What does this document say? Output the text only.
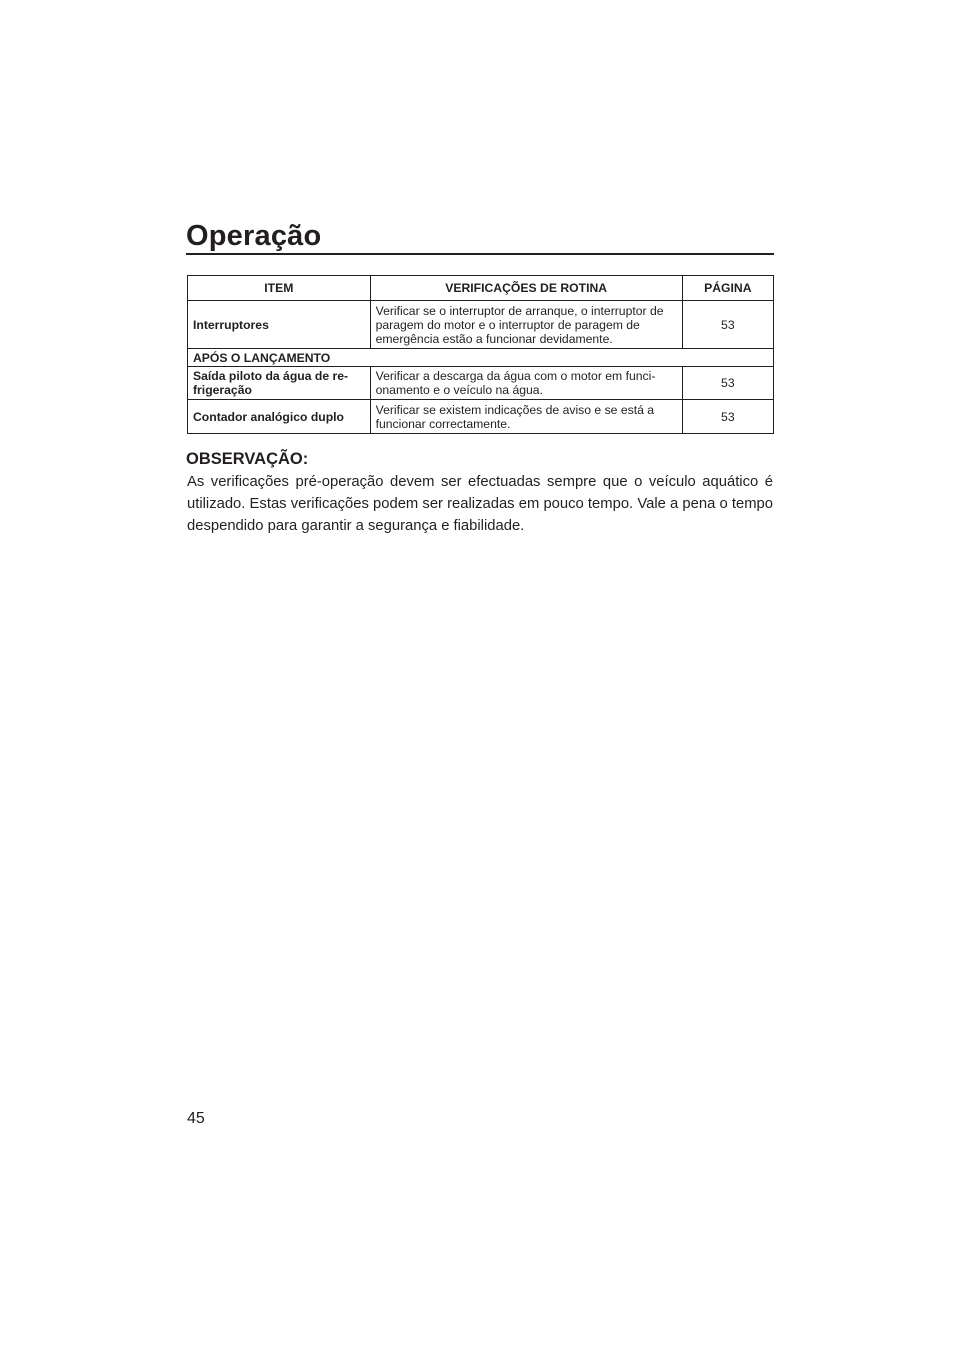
Operação
ITEM	VERIFICAÇÕES DE ROTINA	PÁGINA
Interruptores	Verificar se o interruptor de arranque, o interruptor de paragem do motor e o interruptor de paragem de emergência estão a funcionar devidamente.	53
APÓS O LANÇAMENTO		
Saída piloto da água de re-frigeração	Verificar a descarga da água com o motor em funci-onamento e o veículo na água.	53
Contador analógico duplo	Verificar se existem indicações de aviso e se está a funcionar correctamente.	53
OBSERVAÇÃO:
As verificações pré-operação devem ser efectuadas sempre que o veículo aquático é utilizado. Estas verificações podem ser realizadas em pouco tempo. Vale a pena o tempo despendido para garantir a segurança e fiabilidade.
45
